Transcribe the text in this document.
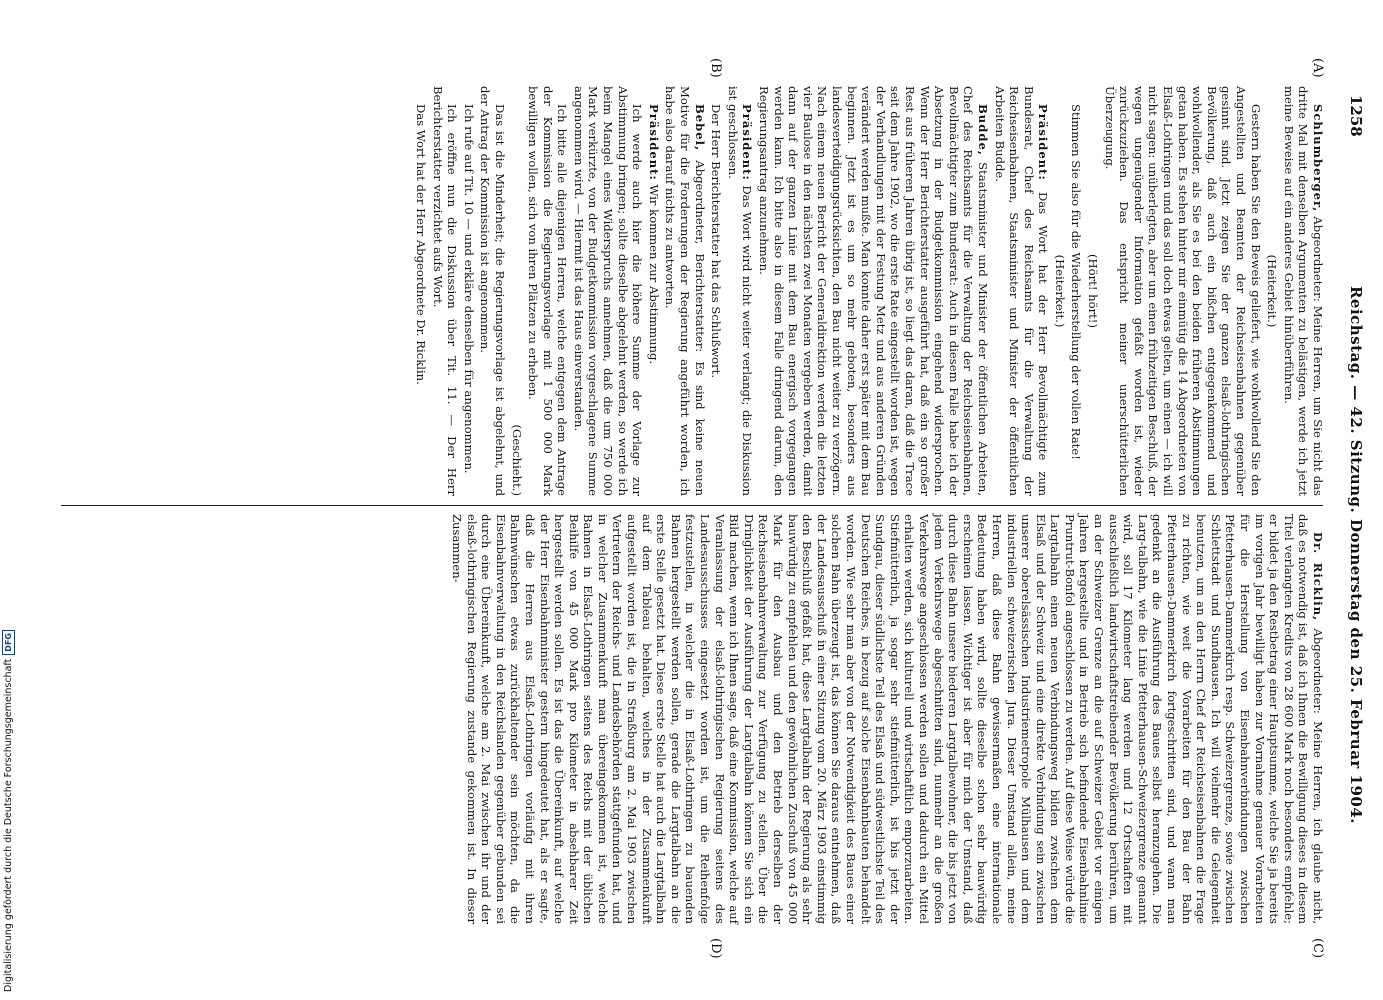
1258
Reichstag. — 42. Sitzung. Donnerstag den 25. Februar 1904.
(A)
(B)
(C)
(D)

Schlumberger, Abgeordneter: Meine Herren, um Sie nicht das dritte Mal mit denselben Argumenten zu belästigen, werde ich jetzt meine Beweise auf ein anderes Gebiet hinüberführen.

(Heiterkeit.)

Gestern haben Sie den Beweis geliefert, wie wohlwollend Sie den Angestellten und Beamten der Reichseisenbahnen gegenüber gesinnt sind. Jetzt zeigen Sie der ganzen elsaß-lothringischen Bevölkerung, daß auch ein bißchen entgegenkommend und wohlwollender, als Sie es bei den beiden früheren Abstimmungen getan haben. Es stehen hinter mir einmütig die 14 Abgeordneten von Elsaß-Lothringen und das soll doch etwas gelten, um einen — ich will nicht sagen: unüberlegten, aber um einen frühzeitigen Beschluß, der wegen ungenügender Information gefaßt worden ist, wieder zurückzuziehen. Das entspricht meiner unerschütterlichen Überzeugung.

(Hört! hört!)

Stimmen Sie also für die Wiederherstellung der vollen Rate!

(Heiterkeit.)

Präsident: Das Wort hat der Herr Bevollmächtigte zum Bundesrat, Chef des Reichsamts für die Verwaltung der Reichseisenbahnen, Staatsminister und Minister der öffentlichen Arbeiten Budde.

Budde, Staatsminister und Minister der öffentlichen Arbeiten, Chef des Reichsamts für die Verwaltung der Reichseisenbahnen, Bevollmächtigter zum Bundesrat: Auch in diesem Falle habe ich der Absetzung in der Budgetkommission eingehend widersprochen. Wenn der Herr Berichterstatter ausgeführt hat, daß ein so großer Rest aus früheren Jahren übrig ist, so liegt das daran, daß die Trace seit dem Jahre 1902, wo die erste Rate eingestellt worden ist, wegen der Verhandlungen mit der Festung Metz und aus anderen Gründen verändert werden mußte. Man konnte daher erst später mit dem Bau beginnen. Jetzt ist es um so mehr geboten, besonders aus landesverteidigungsrücksichten, den Bau nicht weiter zu verzögern. Nach einem neuen Bericht der Generaldirektion werden die letzten vier Baulose in den nächsten zwei Monaten vergeben werden, damit dann auf der ganzen Linie mit dem Bau energisch vorgegangen werden kann. Ich bitte also in diesem Falle dringend darum, den Regierungsantrag anzunehmen.

Präsident: Das Wort wird nicht weiter verlangt; die Diskussion ist geschlossen.

Der Herr Berichterstatter hat das Schlußwort.

Bebel, Abgeordneter, Berichterstatter: Es sind keine neuen Motive für die Forderungen der Regierung angeführt worden, ich habe also darauf nichts zu antworten.

Präsident: Wir kommen zur Abstimmung.

Ich werde auch hier die höhere Summe der Vorlage zur Abstimmung bringen; sollte dieselbe abgelehnt werden, so werde ich beim Mangel eines Widerspruchs annehmen, daß die um 750 000 Mark verkürzte, von der Budgetkommission vorgeschlagene Summe angenommen wird. — Hiermit ist das Haus einverstanden.

Ich bitte alle diejenigen Herren, welche entgegen dem Antrage der Kommission die Regierungsvorlage mit 1 500 000 Mark bewilligen wollen, sich von ihren Plätzen zu erheben.

(Geschieht.)

Das ist die Minderheit; die Regierungsvorlage ist abgelehnt, und der Antrag der Kommission ist angenommen.

Ich rufe auf Tit. 10 — und erkläre denselben für angenommen.

Ich eröffne nun die Diskussion über Tit. 11. — Der Herr Berichterstatter verzichtet aufs Wort.

Das Wort hat der Herr Abgeordnete Dr. Ricklin.

Dr. Ricklin, Abgeordneter: Meine Herren, ich glaube nicht, daß es notwendig ist, daß ich Ihnen die Bewilligung dieses in diesem Titel verlangten Kredits von 28 600 Mark noch besonders empfehle; er bildet ja den Restbetrag einer Hauptsumme, welche Sie ja bereits im vorigen Jahr bewilligt haben zur Vornahme genauer Vorarbeiten für die Herstellung von Eisenbahnverbindungen zwischen Pfetterhausen-Dammerkirch resp. Schweizergrenze, sowie zwischen Schlettstadt und Sundhausen. Ich will vielmehr die Gelegenheit benutzen, um an den Herrn Chef der Reichseisenbahnen die Frage zu richten, wie weit die Vorarbeiten für den Bau der Bahn Pfetterhausen-Dammerkirch fortgeschritten sind, und wann man gedenkt an die Ausführung des Baues selbst heranzugehen. Die Larg-talbahn, wie die Linie Pfetterhausen-Schweizergrenze genannt wird, soll 17 Kilometer lang werden und 12 Ortschaften mit ausschließlich landwirtschaftstreibender Bevölkerung berühren, um an der Schweizer Grenze an die auf Schweizer Gebiet vor einigen Jahren hergestellte und in Betrieb sich befindende Eisenbahnlinie Pruntrut-Bonfol angeschlossen zu werden. Auf diese Weise würde die Largtalbahn einen neuen Verbindungsweg bilden zwischen dem Elsaß und der Schweiz und eine direkte Verbindung sein zwischen unserer oberelsässischen Industriemetropole Mülhausen und dem industriellen schweizerischen Jura. Dieser Umstand allein, meine Herren, daß diese Bahn gewissermaßen eine internationale Bedeutung haben wird, sollte dieselbe schon sehr bauwürdig erscheinen lassen. Wichtiger ist aber für mich der Umstand, daß durch diese Bahn unsere biederen Largtalbewohner, die bis jetzt von jedem Verkehrswege abgeschnitten sind, nunmehr an die großen Verkehrswege angeschlossen werden sollen und dadurch ein Mittel erhalten werden, sich kulturell und wirtschaftlich emporzuarbeiten. Stiefmütterlich, ja sogar sehr stiefmütterlich, ist bis jetzt der Sundgau, dieser südlichste Teil des Elsaß und südwestlichste Teil des Deutschen Reiches, in bezug auf solche Eisenbahnbauten behandelt worden. Wie sehr man aber von der Notwendigkeit des Baues einer solchen Bahn überzeugt ist, das können Sie daraus entnehmen, daß der Landesausschuß in einer Sitzung vom 20. März 1903 einstimmig den Beschluß gefaßt hat, diese Largtalbahn der Regierung als sehr bauwürdig zu empfehlen und den gewöhnlichen Zuschuß von 45 000 Mark für den Ausbau und den Betrieb derselben der Reichseisenbahnverwaltung zur Verfügung zu stellen. Über die Dringlichkeit der Ausführung der Largtalbahn können Sie sich ein Bild machen, wenn ich Ihnen sage, daß eine Kommission, welche auf Veranlassung der elsaß-lothringischen Regierung seitens des Landesausschusses eingesetzt worden ist, um die Reihenfolge festzustellen, in welcher die in Elsaß-Lothringen zu bauenden Bahnen hergestellt werden sollen, gerade die Largtalbahn an die erste Stelle gesetzt hat. Diese erste Stelle hat auch die Largtalbahn auf dem Tableau behalten, welches in der Zusammenkunft aufgestellt worden ist, die in Straßburg am 2. Mai 1903 zwischen Vertretern der Reichs- und Landesbehörden stattgefunden hat, und in welcher Zusammenkunft man übereingekommen ist, welche Bahnen in Elsaß-Lothringen seitens des Reichs mit der üblichen Beihilfe von 45 000 Mark pro Kilometer in absehbarer Zeit hergestellt werden sollen. Es ist das die Übereinkunft, auf welche der Herr Eisenbahnminister gestern hingedeutet hat, als er sagte, daß die Herren aus Elsaß-Lothringen vorläufig mit ihren Bahnwünschen etwas zurückhaltender sein möchten, da die Eisenbahnverwaltung in den Reichslanden gegenüber gebunden sei durch eine Übereinkunft, welche am 2. Mai zwischen ihr und der elsaß-lothringischen Regierung zustande gekommen ist. In dieser Zusammen-

Digitalisierung gefördert durch die Deutsche ForschungsgemeinschaftDFG
